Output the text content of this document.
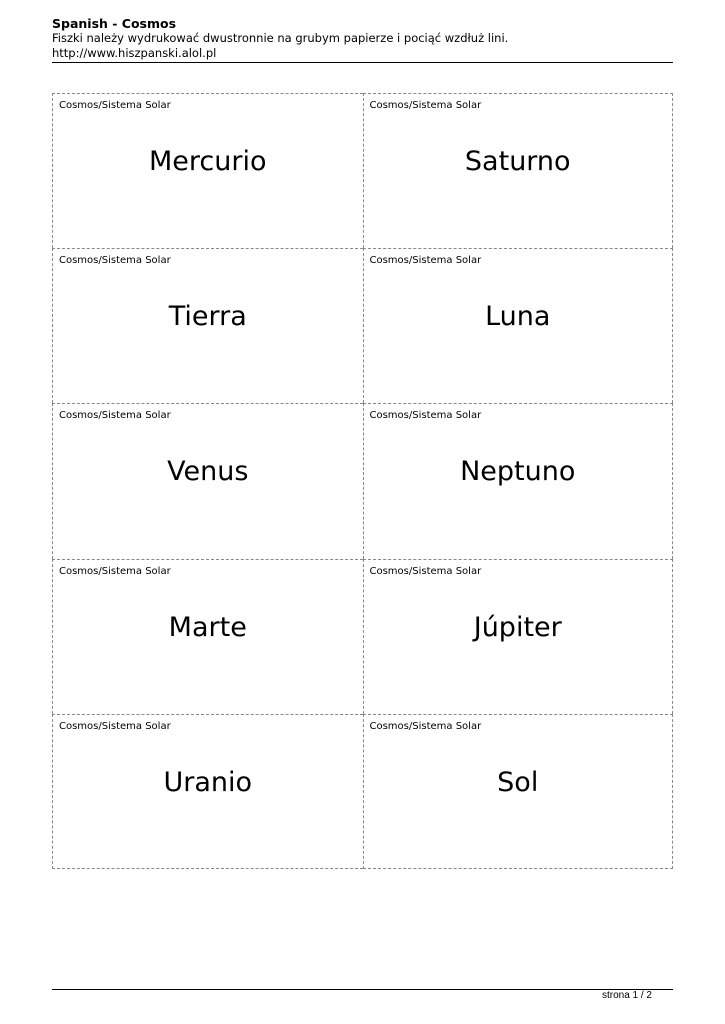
Spanish - Cosmos
Fiszki należy wydrukować dwustronnie na grubym papierze i pociąć wzdłuż lini.
http://www.hiszpanski.alol.pl
Cosmos/Sistema Solar
Mercurio
Cosmos/Sistema Solar
Saturno
Cosmos/Sistema Solar
Tierra
Cosmos/Sistema Solar
Luna
Cosmos/Sistema Solar
Venus
Cosmos/Sistema Solar
Neptuno
Cosmos/Sistema Solar
Marte
Cosmos/Sistema Solar
Júpiter
Cosmos/Sistema Solar
Uranio
Cosmos/Sistema Solar
Sol
strona 1 / 2
